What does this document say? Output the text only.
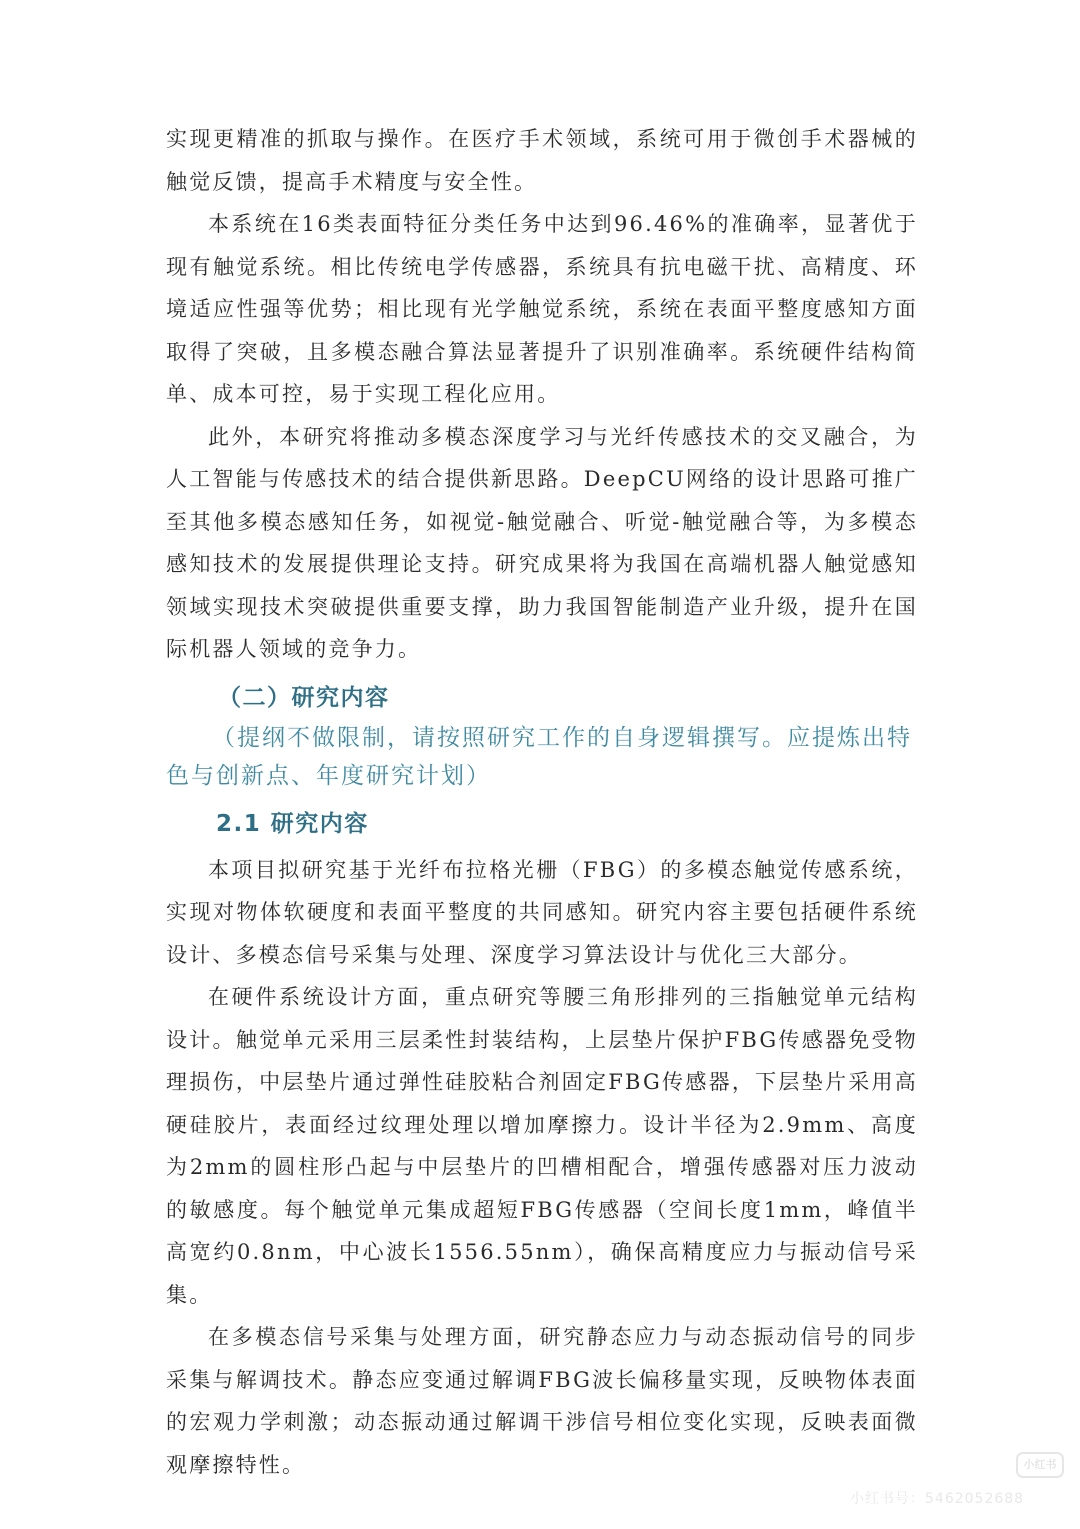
实现更精准的抓取与操作。在医疗手术领域，系统可用于微创手术器械的触觉反馈，提高手术精度与安全性。

本系统在16类表面特征分类任务中达到96.46%的准确率，显著优于现有触觉系统。相比传统电学传感器，系统具有抗电磁干扰、高精度、环境适应性强等优势；相比现有光学触觉系统，系统在表面平整度感知方面取得了突破，且多模态融合算法显著提升了识别准确率。系统硬件结构简单、成本可控，易于实现工程化应用。

此外，本研究将推动多模态深度学习与光纤传感技术的交叉融合，为人工智能与传感技术的结合提供新思路。DeepCU网络的设计思路可推广至其他多模态感知任务，如视觉-触觉融合、听觉-触觉融合等，为多模态感知技术的发展提供理论支持。研究成果将为我国在高端机器人触觉感知领域实现技术突破提供重要支撑，助力我国智能制造产业升级，提升在国际机器人领域的竞争力。

（二）研究内容

（提纲不做限制，请按照研究工作的自身逻辑撰写。应提炼出特色与创新点、年度研究计划）

2.1 研究内容

本项目拟研究基于光纤布拉格光栅（FBG）的多模态触觉传感系统，实现对物体软硬度和表面平整度的共同感知。研究内容主要包括硬件系统设计、多模态信号采集与处理、深度学习算法设计与优化三大部分。

在硬件系统设计方面，重点研究等腰三角形排列的三指触觉单元结构设计。触觉单元采用三层柔性封装结构，上层垫片保护FBG传感器免受物理损伤，中层垫片通过弹性硅胶粘合剂固定FBG传感器，下层垫片采用高硬硅胶片，表面经过纹理处理以增加摩擦力。设计半径为2.9mm、高度为2mm的圆柱形凸起与中层垫片的凹槽相配合，增强传感器对压力波动的敏感度。每个触觉单元集成超短FBG传感器（空间长度1mm，峰值半高宽约0.8nm，中心波长1556.55nm），确保高精度应力与振动信号采集。

在多模态信号采集与处理方面，研究静态应力与动态振动信号的同步采集与解调技术。静态应变通过解调FBG波长偏移量实现，反映物体表面的宏观力学刺激；动态振动通过解调干涉信号相位变化实现，反映表面微观摩擦特性。	小红书
小红书号：5462052688
